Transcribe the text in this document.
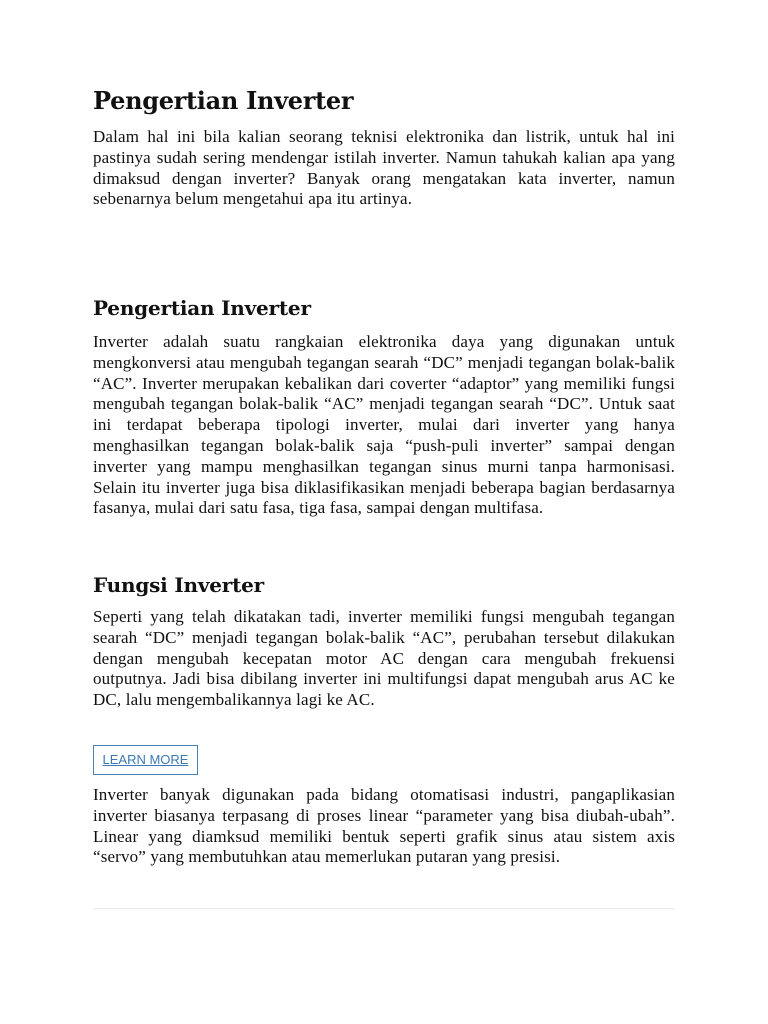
Pengertian Inverter

Dalam hal ini bila kalian seorang teknisi elektronika dan listrik, untuk hal ini pastinya sudah sering mendengar istilah inverter. Namun tahukah kalian apa yang dimaksud dengan inverter? Banyak orang mengatakan kata inverter, namun sebenarnya belum mengetahui apa itu artinya.

Pengertian Inverter

Inverter adalah suatu rangkaian elektronika daya yang digunakan untuk mengkonversi atau mengubah tegangan searah “DC” menjadi tegangan bolak-balik “AC”. Inverter merupakan kebalikan dari coverter “adaptor” yang memiliki fungsi mengubah tegangan bolak-balik “AC” menjadi tegangan searah “DC”. Untuk saat ini terdapat beberapa tipologi inverter, mulai dari inverter yang hanya menghasilkan tegangan bolak-balik saja “push-puli inverter” sampai dengan inverter yang mampu menghasilkan tegangan sinus murni tanpa harmonisasi. Selain itu inverter juga bisa diklasifikasikan menjadi beberapa bagian berdasarnya fasanya, mulai dari satu fasa, tiga fasa, sampai dengan multifasa.

Fungsi Inverter

Seperti yang telah dikatakan tadi, inverter memiliki fungsi mengubah tegangan searah “DC” menjadi tegangan bolak-balik “AC”, perubahan tersebut dilakukan dengan mengubah kecepatan motor AC dengan cara mengubah frekuensi outputnya. Jadi bisa dibilang inverter ini multifungsi dapat mengubah arus AC ke DC, lalu mengembalikannya lagi ke AC.

LEARN MORE

Inverter banyak digunakan pada bidang otomatisasi industri, pangaplikasian inverter biasanya terpasang di proses linear “parameter yang bisa diubah-ubah”. Linear yang diamksud memiliki bentuk seperti grafik sinus atau sistem axis “servo” yang membutuhkan atau memerlukan putaran yang presisi.
